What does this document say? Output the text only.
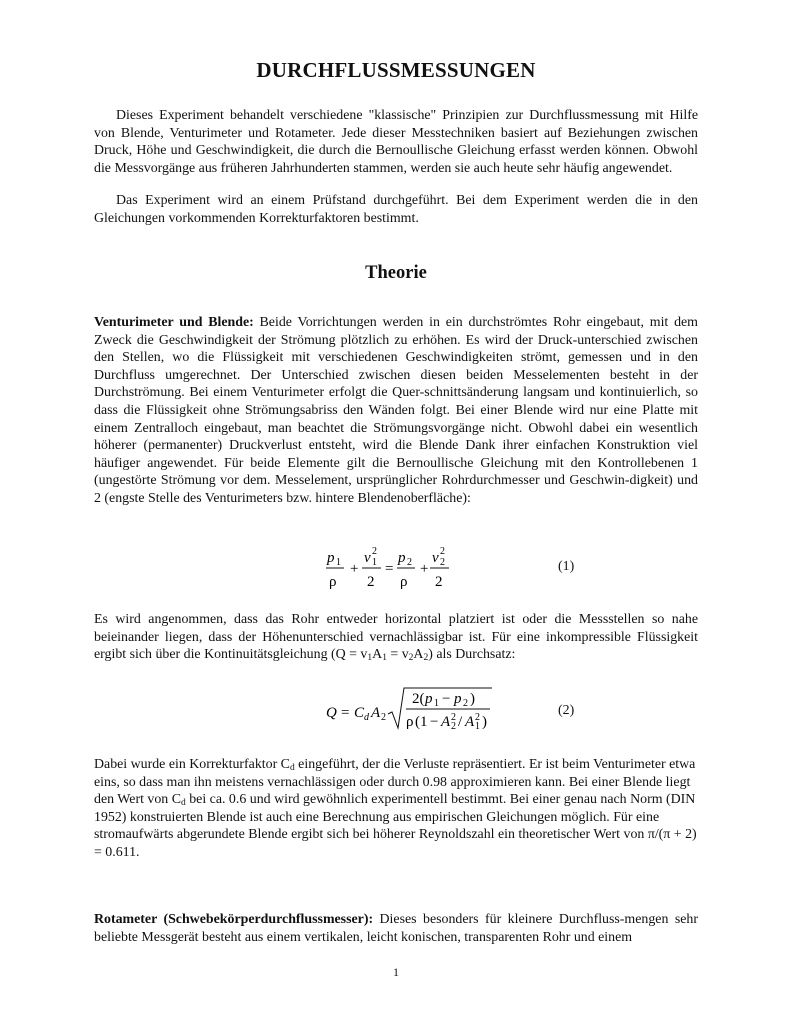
DURCHFLUSSMESSUNGEN

Dieses Experiment behandelt verschiedene "klassische" Prinzipien zur Durchflussmessung mit Hilfe von Blende, Venturimeter und Rotameter. Jede dieser Messtechniken basiert auf Beziehungen zwischen Druck, Höhe und Geschwindigkeit, die durch die Bernoullische Gleichung erfasst werden können. Obwohl die Messvorgänge aus früheren Jahrhunderten stammen, werden sie auch heute sehr häufig angewendet.

Das Experiment wird an einem Prüfstand durchgeführt. Bei dem Experiment werden die in den Gleichungen vorkommenden Korrekturfaktoren bestimmt.

Theorie

Venturimeter und Blende: Beide Vorrichtungen werden in ein durchströmtes Rohr eingebaut, mit dem Zweck die Geschwindigkeit der Strömung plötzlich zu erhöhen. Es wird der Druck-unterschied zwischen den Stellen, wo die Flüssigkeit mit verschiedenen Geschwindigkeiten strömt, gemessen und in den Durchfluss umgerechnet. Der Unterschied zwischen diesen beiden Messelementen besteht in der Durchströmung. Bei einem Venturimeter erfolgt die Quer-schnittsänderung langsam und kontinuierlich, so dass die Flüssigkeit ohne Strömungsabriss den Wänden folgt. Bei einer Blende wird nur eine Platte mit einem Zentralloch eingebaut, man beachtet die Strömungsvorgänge nicht. Obwohl dabei ein wesentlich höherer (permanenter) Druckverlust entsteht, wird die Blende Dank ihrer einfachen Konstruktion viel häufiger angewendet. Für beide Elemente gilt die Bernoullische Gleichung mit den Kontrollebenen 1 (ungestörte Strömung vor dem. Messelement, ursprünglicher Rohrdurchmesser und Geschwin-digkeit) und 2 (engste Stelle des Venturimeters bzw. hintere Blendenoberfläche):

p 1
ρ
+
v 2
1
2
=
p 2
ρ
+
v 2
2
2
(1)

Es wird angenommen, dass das Rohr entweder horizontal platziert ist oder die Messstellen so nahe beieinander liegen, dass der Höhenunterschied vernachlässigbar ist. Für eine inkompressible Flüssigkeit ergibt sich über die Kontinuitätsgleichung $(Q = v_1A_1 = v_2A_2)$ als Durchsatz:

Q = C d A 2
2( p 1 − p 2 )
ρ (1 − A 2
2 / A 2
1 )
(2)

Dabei wurde ein Korrekturfaktor $C_d$ eingeführt, der die Verluste repräsentiert. Er ist beim Venturimeter etwa eins, so dass man ihn meistens vernachlässigen oder durch 0.98 approximieren kann. Bei einer Blende liegt den Wert von $C_d$ bei ca. 0.6 und wird gewöhnlich experimentell bestimmt. Bei einer genau nach Norm (DIN 1952) konstruierten Blende ist auch eine Berechnung aus empirischen Gleichungen möglich. Für eine stromaufwärts abgerundete Blende ergibt sich bei höherer Reynoldszahl ein theoretischer Wert von π/(π + 2) = 0.611.

Rotameter (Schwebekörperdurchflussmesser): Dieses besonders für kleinere Durchfluss-mengen sehr beliebte Messgerät besteht aus einem vertikalen, leicht konischen, transparenten Rohr und einem

1
